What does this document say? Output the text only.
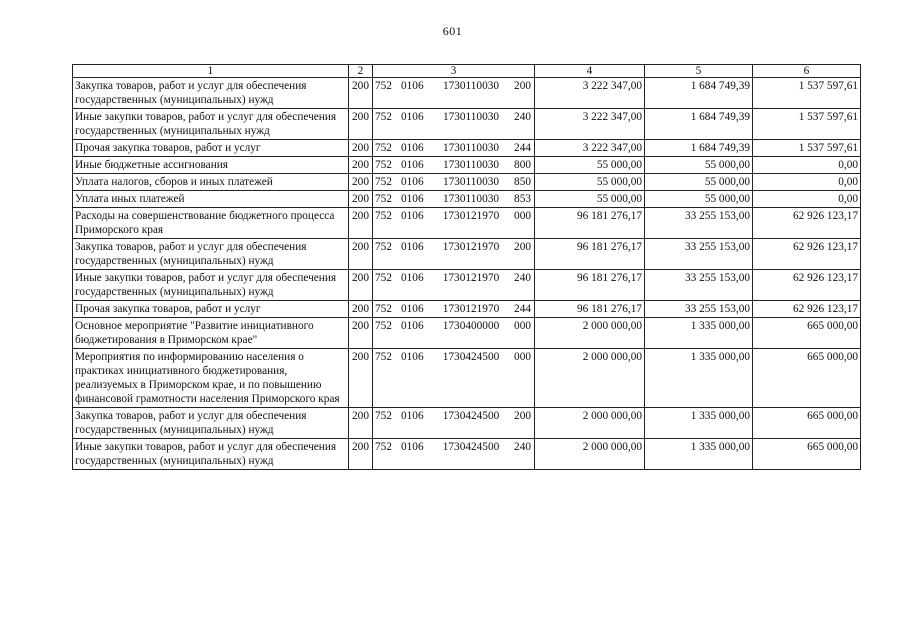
601
1	2	3	4	5	6
Закупка товаров, работ и услуг для обеспечения государственных (муниципальных) нужд	200	752 0106 1730110030 200	3 222 347,00	1 684 749,39	1 537 597,61
Иные закупки товаров, работ и услуг для обеспечения государственных (муниципальных нужд	200	752 0106 1730110030 240	3 222 347,00	1 684 749,39	1 537 597,61
Прочая закупка товаров, работ и услуг	200	752 0106 1730110030 244	3 222 347,00	1 684 749,39	1 537 597,61
Иные бюджетные ассигнования	200	752 0106 1730110030 800	55 000,00	55 000,00	0,00
Уплата налогов, сборов и иных платежей	200	752 0106 1730110030 850	55 000,00	55 000,00	0,00
Уплата иных платежей	200	752 0106 1730110030 853	55 000,00	55 000,00	0,00
Расходы на совершенствование бюджетного процесса Приморского края	200	752 0106 1730121970 000	96 181 276,17	33 255 153,00	62 926 123,17
Закупка товаров, работ и услуг для обеспечения государственных (муниципальных) нужд	200	752 0106 1730121970 200	96 181 276,17	33 255 153,00	62 926 123,17
Иные закупки товаров, работ и услуг для обеспечения государственных (муниципальных) нужд	200	752 0106 1730121970 240	96 181 276,17	33 255 153,00	62 926 123,17
Прочая закупка товаров, работ и услуг	200	752 0106 1730121970 244	96 181 276,17	33 255 153,00	62 926 123,17
Основное мероприятие "Развитие инициативного бюджетирования в Приморском крае"	200	752 0106 1730400000 000	2 000 000,00	1 335 000,00	665 000,00
Мероприятия по информированию населения о практиках инициативного бюджетирования, реализуемых в Приморском крае, и по повышению финансовой грамотности населения Приморского края	200	752 0106 1730424500 000	2 000 000,00	1 335 000,00	665 000,00
Закупка товаров, работ и услуг для обеспечения государственных (муниципальных) нужд	200	752 0106 1730424500 200	2 000 000,00	1 335 000,00	665 000,00
Иные закупки товаров, работ и услуг для обеспечения государственных (муниципальных) нужд	200	752 0106 1730424500 240	2 000 000,00	1 335 000,00	665 000,00
